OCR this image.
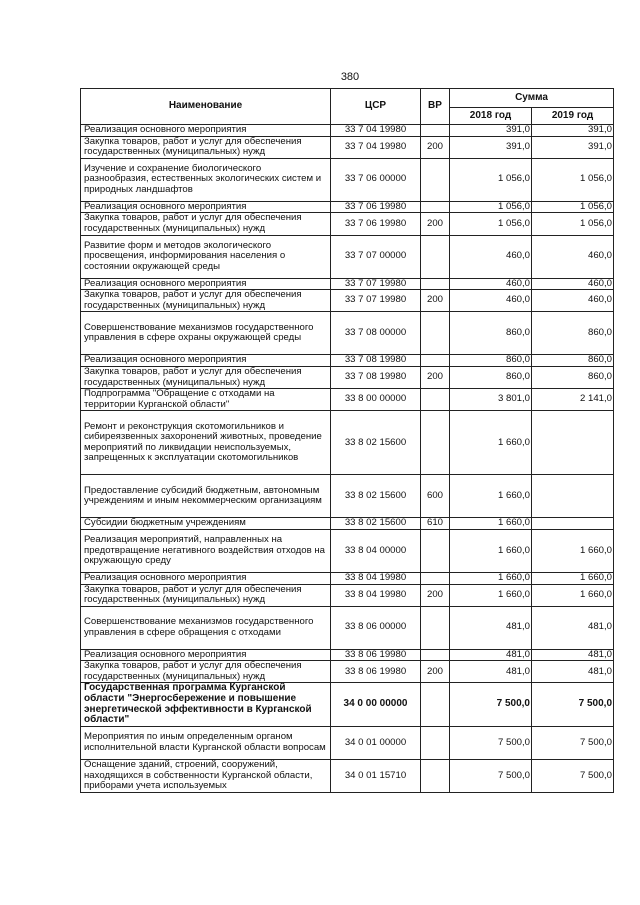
380
Наименование	ЦСР	ВР	Сумма	
			2018 год	2019 год
Реализация основного мероприятия	33 7 04 19980		391,0	391,0
Закупка товаров, работ и услуг для обеспечения государственных (муниципальных) нужд	33 7 04 19980	200	391,0	391,0
Изучение и сохранение биологического разнообразия, естественных экологических систем и природных ландшафтов	33 7 06 00000		1 056,0	1 056,0
Реализация основного мероприятия	33 7 06 19980		1 056,0	1 056,0
Закупка товаров, работ и услуг для обеспечения государственных (муниципальных) нужд	33 7 06 19980	200	1 056,0	1 056,0
Развитие форм и методов экологического просвещения, информирования населения о состоянии окружающей среды	33 7 07 00000		460,0	460,0
Реализация основного мероприятия	33 7 07 19980		460,0	460,0
Закупка товаров, работ и услуг для обеспечения государственных (муниципальных) нужд	33 7 07 19980	200	460,0	460,0
Совершенствование механизмов государственного управления в сфере охраны окружающей среды	33 7 08 00000		860,0	860,0
Реализация основного мероприятия	33 7 08 19980		860,0	860,0
Закупка товаров, работ и услуг для обеспечения государственных (муниципальных) нужд	33 7 08 19980	200	860,0	860,0
Подпрограмма "Обращение с отходами на территории Курганской области"	33 8 00 00000		3 801,0	2 141,0
Ремонт и реконструкция скотомогильников и сибиреязвенных захоронений животных, проведение мероприятий по ликвидации неиспользуемых, запрещенных к эксплуатации скотомогильников	33 8 02 15600		1 660,0	
Предоставление субсидий бюджетным, автономным учреждениям и иным некоммерческим организациям	33 8 02 15600	600	1 660,0	
Субсидии бюджетным учреждениям	33 8 02 15600	610	1 660,0	
Реализация мероприятий, направленных на предотвращение негативного воздействия отходов на окружающую среду	33 8 04 00000		1 660,0	1 660,0
Реализация основного мероприятия	33 8 04 19980		1 660,0	1 660,0
Закупка товаров, работ и услуг для обеспечения государственных (муниципальных) нужд	33 8 04 19980	200	1 660,0	1 660,0
Совершенствование механизмов государственного управления в сфере обращения с отходами	33 8 06 00000		481,0	481,0
Реализация основного мероприятия	33 8 06 19980		481,0	481,0
Закупка товаров, работ и услуг для обеспечения государственных (муниципальных) нужд	33 8 06 19980	200	481,0	481,0
Государственная программа Курганской области "Энергосбережение и повышение энергетической эффективности в Курганской области"	34 0 00 00000		7 500,0	7 500,0
Мероприятия по иным определенным органом исполнительной власти Курганской области вопросам	34 0 01 00000		7 500,0	7 500,0
Оснащение зданий, строений, сооружений, находящихся в собственности Курганской области, приборами учета используемых	34 0 01 15710		7 500,0	7 500,0
